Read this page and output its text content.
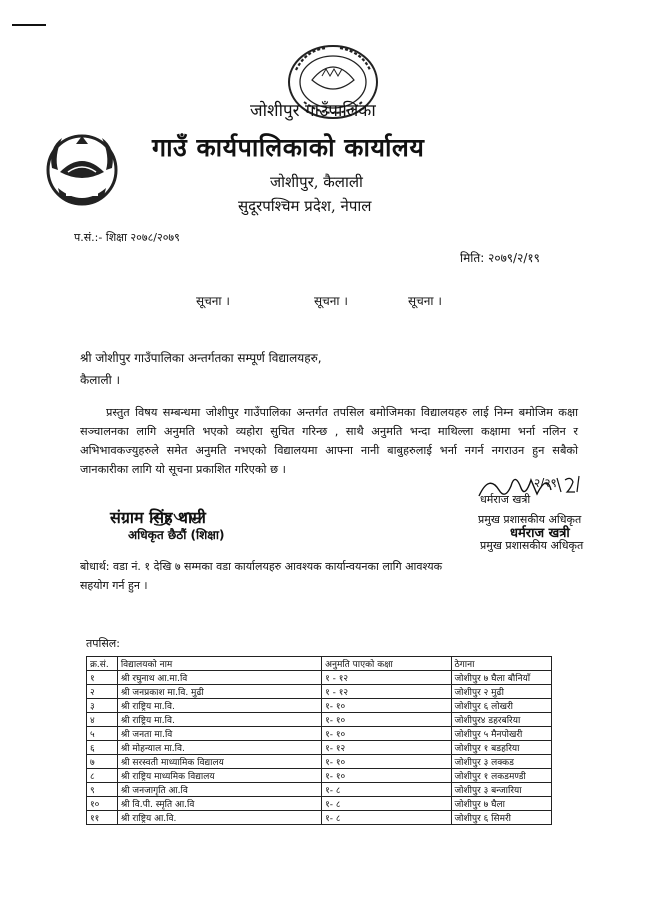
जोशीपुर गाउँपालिका
गाउँ कार्यपालिकाको कार्यालय
जोशीपुर, कैलाली
सुदूरपश्चिम प्रदेश, नेपाल
प.सं.:- शिक्षा २०७८/२०७९
मिति: २०७९/२/१९
सूचना ।	सूचना ।	सूचना ।
श्री जोशीपुर गाउँपालिका अन्तर्गतका सम्पूर्ण विद्यालयहरु,
कैलाली ।
प्रस्तुत विषय सम्बन्धमा जोशीपुर गाउँपालिका अन्तर्गत तपसिल बमोजिमका विद्यालयहरु लाई निम्न बमोजिम कक्षा सञ्चालनका लागि अनुमति भएको व्यहोरा सुचित गरिन्छ , साथै अनुमति भन्दा माथिल्ला कक्षामा भर्ना नलिन र अभिभावकज्युहरुले समेत अनुमति नभएको विद्यालयमा आफ्ना नानी बाबुहरुलाई भर्ना नगर्न नगराउन हुन सबैको जानकारीका लागि यो सूचना प्रकाशित गरिएको छ ।
संग्राम सिंह धामी
अधिकृत छैठौं (शिक्षा)
धर्मराज खत्री
२/२९
प्रमुख प्रशासकीय अधिकृत
धर्मराज खत्री
प्रमुख प्रशासकीय अधिकृत
बोधार्थ: वडा नं. १ देखि ७ सम्मका वडा कार्यालयहरु आवश्यक कार्यान्वयनका लागि आवश्यक
सहयोग गर्न हुन ।
तपसिल:
क्र.सं.	विद्यालयको नाम	अनुमति पाएको कक्षा	ठेगाना
१	श्री रघुनाथ आ.मा.वि	१ - १२	जोशीपुर ७ घैला बौनियाँ
२	श्री जनप्रकाश मा.वि. मुढी	१ - १२	जोशीपुर २ मुढी
३	श्री राष्ट्रिय मा.वि.	१- १०	जोशीपुर ६ लोखरी
४	श्री राष्ट्रिय मा.वि.	१- १०	जोशीपुर४ डहरबरिया
५	श्री जनता मा.वि	१- १०	जोशीपुर ५ मैनपोखरी
६	श्री मोहन्याल मा.वि.	१- १२	जोशीपुर १ बडहरिया
७	श्री सरस्वती माध्यामिक विद्यालय	१- १०	जोशीपुर ३ लक्कड
८	श्री राष्ट्रिय माध्यमिक विद्यालय	१- १०	जोशीपुर १ लकडमण्डी
९	श्री जनजागृति आ.वि	१- ८	जोशीपुर ३ बन्जारिया
१०	श्री वि.पी. स्मृति आ.वि	१- ८	जोशीपुर ७ घैला
११	श्री राष्ट्रिय आ.वि.	१- ८	जोशीपुर ६ सिमरी
